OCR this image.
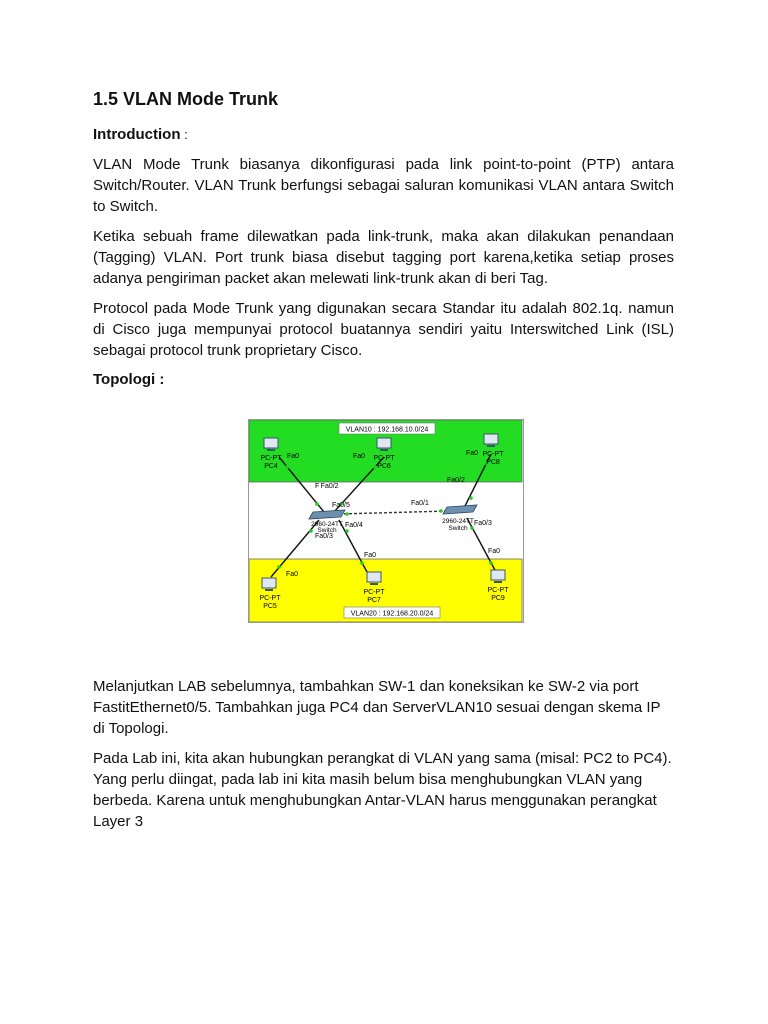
1.5 VLAN Mode Trunk
Introduction :
VLAN Mode Trunk biasanya dikonfigurasi pada link point-to-point (PTP) antara Switch/Router. VLAN Trunk berfungsi sebagai saluran komunikasi VLAN antara Switch to Switch.
Ketika sebuah frame dilewatkan pada link-trunk, maka akan dilakukan penandaan (Tagging) VLAN. Port trunk biasa disebut tagging port karena,ketika setiap proses adanya pengiriman packet akan melewati link-trunk akan di beri Tag.
Protocol pada Mode Trunk yang digunakan secara Standar itu adalah 802.1q. namun di Cisco juga mempunyai protocol buatannya sendiri yaitu Interswitched Link (ISL) sebagai protocol trunk proprietary Cisco.
Topologi :
VLAN10 : 192.168.10.0/24
VLAN20 : 192.168.20.0/24
PC-PT
PC4
PC-PT
PC6
PC-PT
PC8
PC-PT
PC5
PC-PT
PC7
PC-PT
PC9
2960-24TT
Switch
2960-24TT
Switch
Fa0	Fa0	Fa0
F Fa0/2
Fa0/2
Fa0/5	Fa0/1
Fa0/4
Fa0/3
Fa0/3
Fa0
Fa0
Fa0
Melanjutkan LAB sebelumnya, tambahkan SW-1 dan koneksikan ke SW-2 via port FastitEthernet0/5. Tambahkan juga PC4 dan ServerVLAN10 sesuai dengan skema IP di Topologi.
Pada Lab ini, kita akan hubungkan perangkat di VLAN yang sama (misal: PC2 to PC4). Yang perlu diingat, pada lab ini kita masih belum bisa menghubungkan VLAN yang berbeda. Karena untuk menghubungkan Antar-VLAN harus menggunakan perangkat Layer 3
